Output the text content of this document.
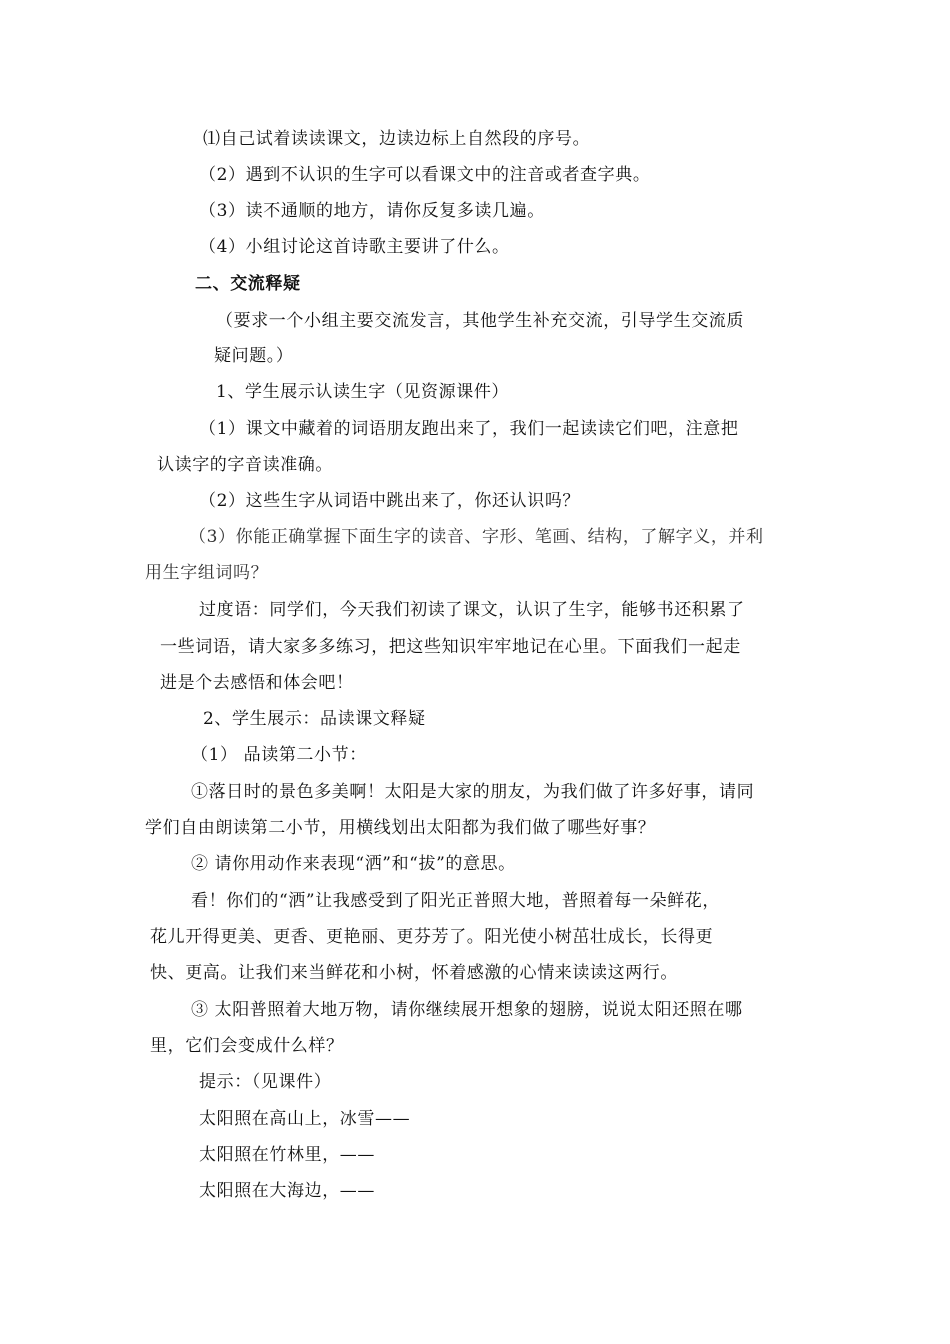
⑴自己试着读读课文，边读边标上自然段的序号。
（2）遇到不认识的生字可以看课文中的注音或者查字典。
（3）读不通顺的地方，请你反复多读几遍。
（4）小组讨论这首诗歌主要讲了什么。
二、交流释疑
（要求一个小组主要交流发言，其他学生补充交流，引导学生交流质
疑问题。）
1、学生展示认读生字（见资源课件）
（1）课文中藏着的词语朋友跑出来了，我们一起读读它们吧，注意把
认读字的字音读准确。
（2）这些生字从词语中跳出来了，你还认识吗？
（3）你能正确掌握下面生字的读音、字形、笔画、结构，了解字义，并利
用生字组词吗？
过度语：同学们，今天我们初读了课文，认识了生字，能够书还积累了
一些词语，请大家多多练习，把这些知识牢牢地记在心里。下面我们一起走
进是个去感悟和体会吧！
2、学生展示：品读课文释疑
（1） 品读第二小节：
①落日时的景色多美啊！太阳是大家的朋友，为我们做了许多好事，请同
学们自由朗读第二小节，用横线划出太阳都为我们做了哪些好事？
② 请你用动作来表现“洒”和“拔”的意思。
看！你们的“洒”让我感受到了阳光正普照大地，普照着每一朵鲜花，
花儿开得更美、更香、更艳丽、更芬芳了。阳光使小树茁壮成长，长得更
快、更高。让我们来当鲜花和小树，怀着感激的心情来读读这两行。
③ 太阳普照着大地万物，请你继续展开想象的翅膀，说说太阳还照在哪
里，它们会变成什么样？
提示：（见课件）
太阳照在高山上，冰雪——
太阳照在竹林里，——
太阳照在大海边，——
